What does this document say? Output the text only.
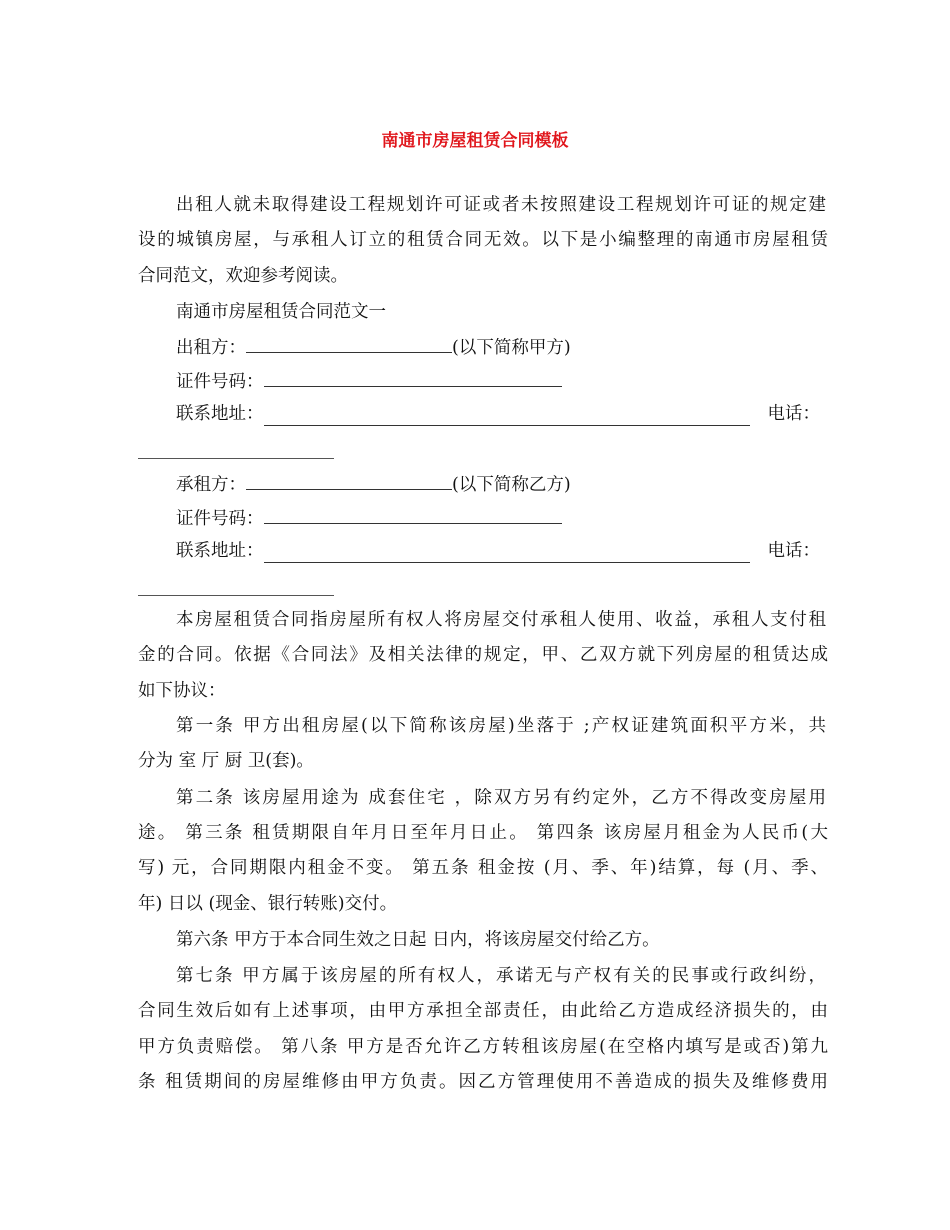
南通市房屋租赁合同模板
出租人就未取得建设工程规划许可证或者未按照建设工程规划许可证的规定建
设的城镇房屋，与承租人订立的租赁合同无效。以下是小编整理的南通市房屋租赁
合同范文，欢迎参考阅读。
南通市房屋租赁合同范文一
出租方：	(以下简称甲方)
证件号码：
联系地址：	电话：
承租方：	(以下简称乙方)
证件号码：
联系地址：	电话：
本房屋租赁合同指房屋所有权人将房屋交付承租人使用、收益，承租人支付租
金的合同。依据《合同法》及相关法律的规定，甲、乙双方就下列房屋的租赁达成
如下协议：
第一条 甲方出租房屋(以下简称该房屋)坐落于 ;产权证建筑面积平方米，共
分为 室 厅 厨 卫(套)。
第二条 该房屋用途为 成套住宅 ，除双方另有约定外，乙方不得改变房屋用
途。 第三条 租赁期限自年月日至年月日止。 第四条 该房屋月租金为人民币(大
写) 元，合同期限内租金不变。 第五条 租金按 (月、季、年)结算，每 (月、季、
年) 日以 (现金、银行转账)交付。
第六条 甲方于本合同生效之日起 日内，将该房屋交付给乙方。
第七条 甲方属于该房屋的所有权人，承诺无与产权有关的民事或行政纠纷，
合同生效后如有上述事项，由甲方承担全部责任，由此给乙方造成经济损失的，由
甲方负责赔偿。 第八条 甲方是否允许乙方转租该房屋(在空格内填写是或否)第九
条 租赁期间的房屋维修由甲方负责。因乙方管理使用不善造成的损失及维修费用
